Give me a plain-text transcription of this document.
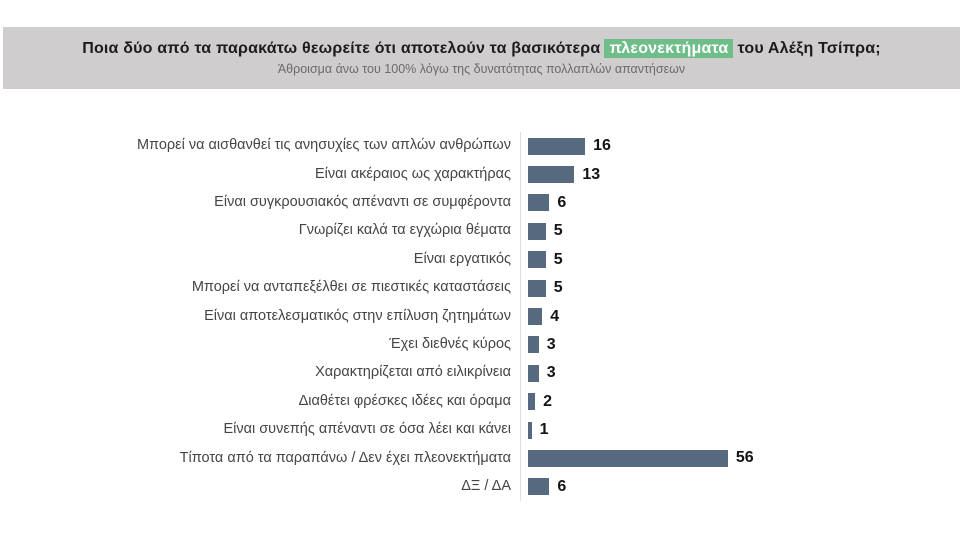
Ποια δύο από τα παρακάτω θεωρείτε ότι αποτελούν τα βασικότερα πλεονεκτήματα του Αλέξη Τσίπρα;
Άθροισμα άνω του 100% λόγω της δυνατότητας πολλαπλών απαντήσεων
Μπορεί να αισθανθεί τις ανησυχίες των απλών ανθρώπων	16
Είναι ακέραιος ως χαρακτήρας	13
Είναι συγκρουσιακός απέναντι σε συμφέροντα	6
Γνωρίζει καλά τα εγχώρια θέματα	5
Είναι εργατικός	5
Μπορεί να ανταπεξέλθει σε πιεστικές καταστάσεις	5
Είναι αποτελεσματικός στην επίλυση ζητημάτων	4
Έχει διεθνές κύρος	3
Χαρακτηρίζεται από ειλικρίνεια	3
Διαθέτει φρέσκες ιδέες και όραμα	2
Είναι συνεπής απέναντι σε όσα λέει και κάνει	1
Τίποτα από τα παραπάνω / Δεν έχει πλεονεκτήματα	56
ΔΞ / ΔΑ	6
